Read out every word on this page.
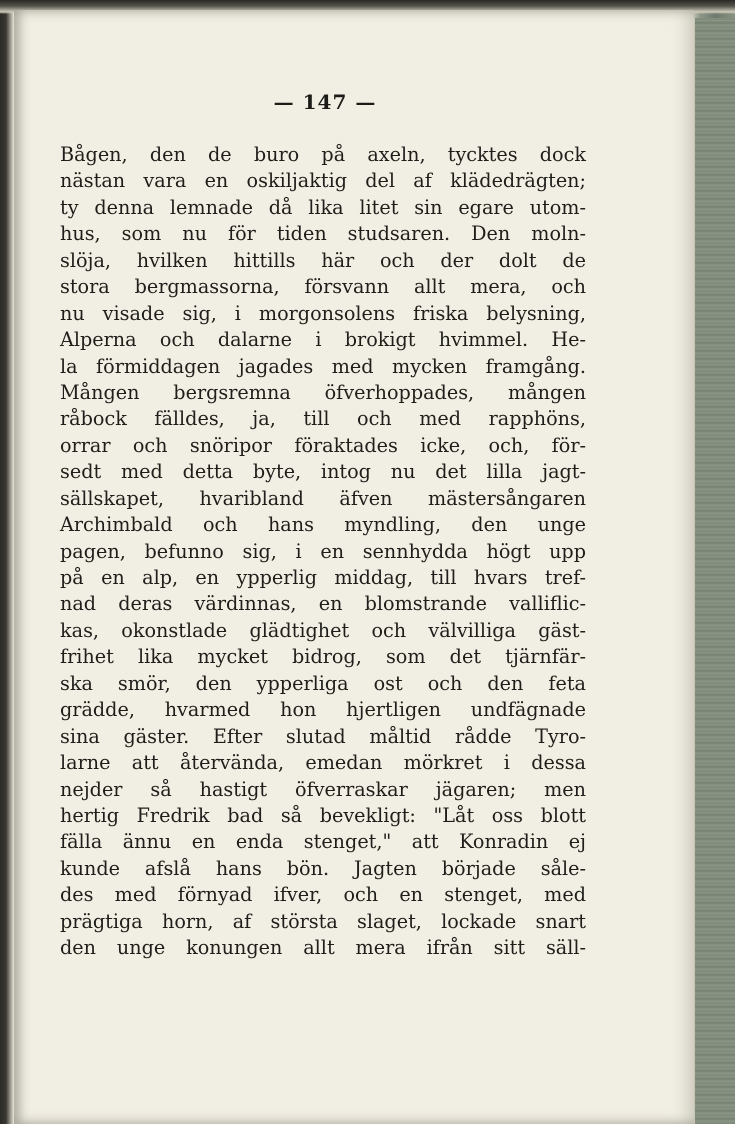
— 147 —
Bågen, den de buro på axeln, tycktes dock
nästan vara en oskiljaktig del af klädedrägten;
ty denna lemnade då lika litet sin egare utom-
hus, som nu för tiden studsaren. Den moln-
slöja, hvilken hittills här och der dolt de
stora bergmassorna, försvann allt mera, och
nu visade sig, i morgonsolens friska belysning,
Alperna och dalarne i brokigt hvimmel. He-
la förmiddagen jagades med mycken framgång.
Mången bergsremna öfverhoppades, mången
råbock fälldes, ja, till och med rapphöns,
orrar och snöripor föraktades icke, och, för-
sedt med detta byte, intog nu det lilla jagt-
sällskapet, hvaribland äfven mästersångaren
Archimbald och hans myndling, den unge
pagen, befunno sig, i en sennhydda högt upp
på en alp, en ypperlig middag, till hvars tref-
nad deras värdinnas, en blomstrande valliflic-
kas, okonstlade glädtighet och välvilliga gäst-
frihet lika mycket bidrog, som det tjärnfär-
ska smör, den ypperliga ost och den feta
grädde, hvarmed hon hjertligen undfägnade
sina gäster. Efter slutad måltid rådde Tyro-
larne att återvända, emedan mörkret i dessa
nejder så hastigt öfverraskar jägaren; men
hertig Fredrik bad så bevekligt: "Låt oss blott
fälla ännu en enda stenget," att Konradin ej
kunde afslå hans bön. Jagten började såle-
des med förnyad ifver, och en stenget, med
prägtiga horn, af största slaget, lockade snart
den unge konungen allt mera ifrån sitt säll-
